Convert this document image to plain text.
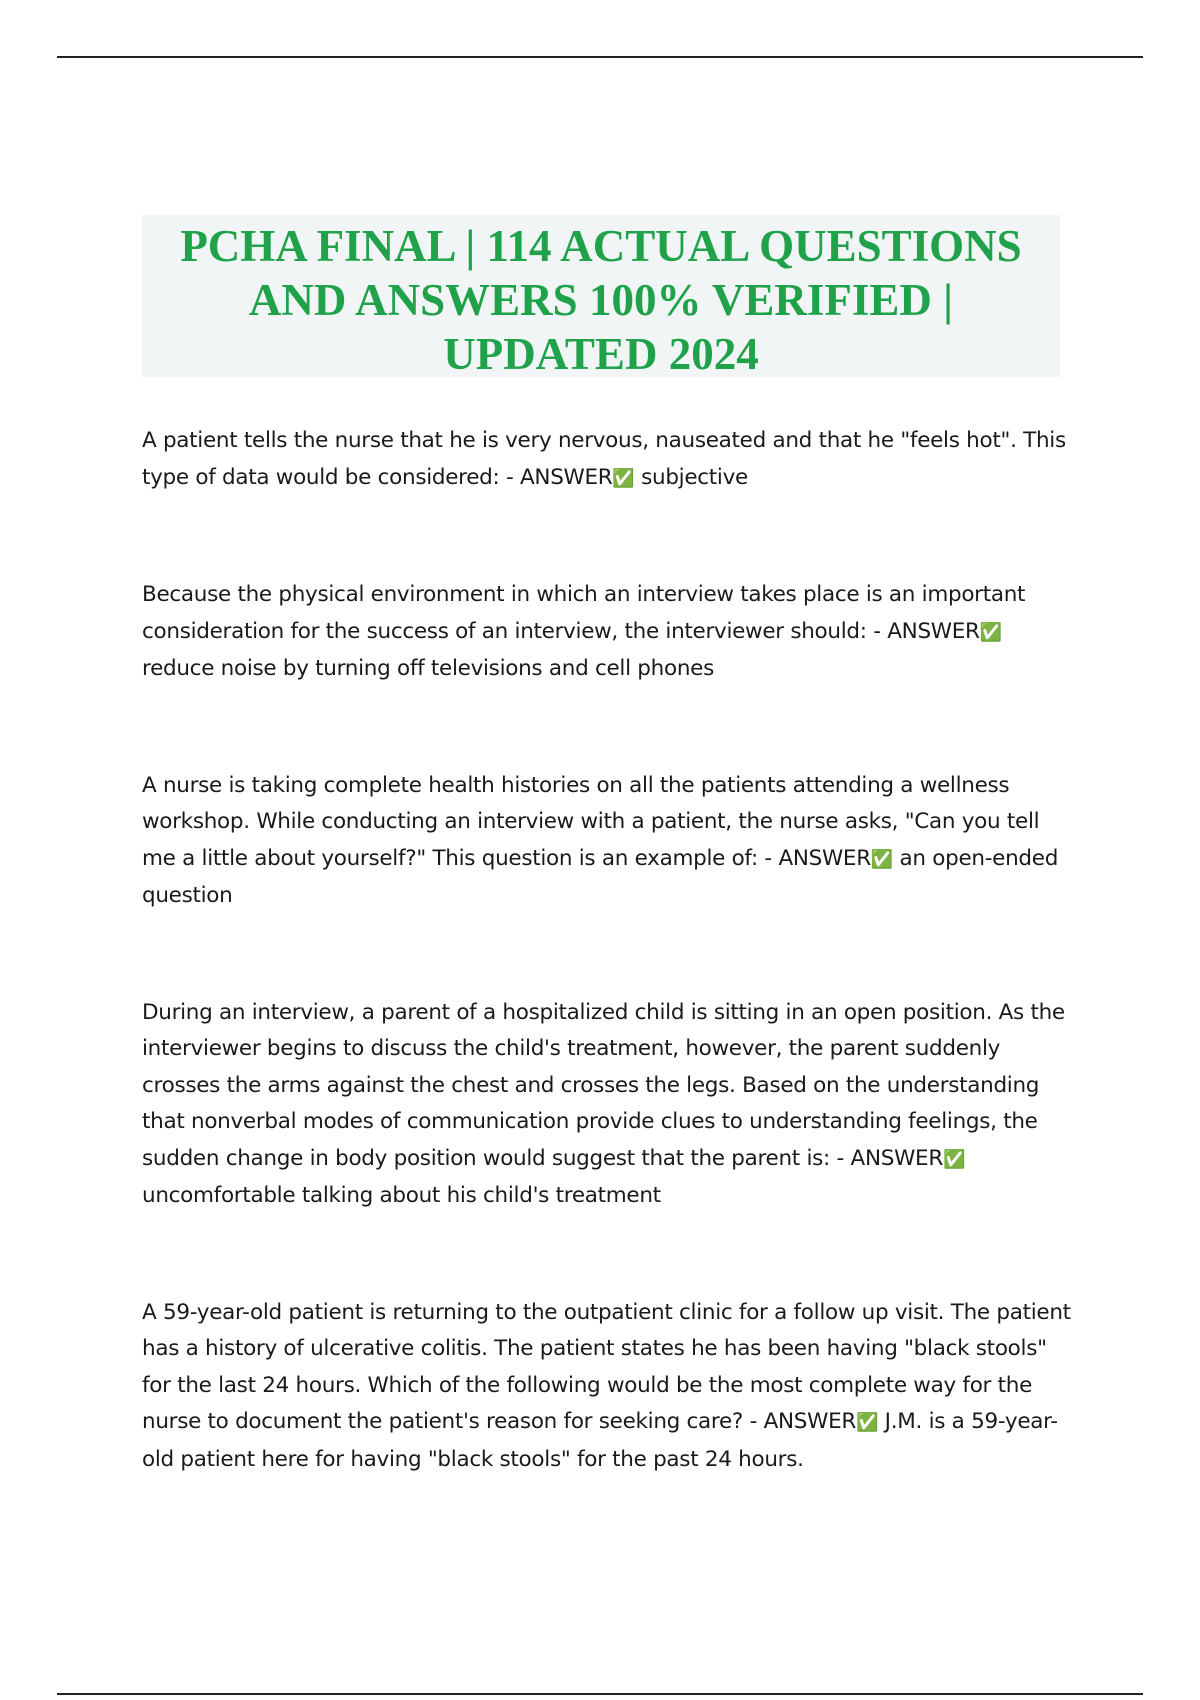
PCHA FINAL | 114 ACTUAL QUESTIONS AND ANSWERS 100% VERIFIED | UPDATED 2024

A patient tells the nurse that he is very nervous, nauseated and that he "feels hot". This type of data would be considered: - ANSWER✅ subjective

Because the physical environment in which an interview takes place is an important consideration for the success of an interview, the interviewer should: - ANSWER✅ reduce noise by turning off televisions and cell phones

A nurse is taking complete health histories on all the patients attending a wellness workshop. While conducting an interview with a patient, the nurse asks, "Can you tell me a little about yourself?" This question is an example of: - ANSWER✅ an open-ended question

During an interview, a parent of a hospitalized child is sitting in an open position. As the interviewer begins to discuss the child's treatment, however, the parent suddenly crosses the arms against the chest and crosses the legs. Based on the understanding that nonverbal modes of communication provide clues to understanding feelings, the sudden change in body position would suggest that the parent is: - ANSWER✅ uncomfortable talking about his child's treatment

A 59-year-old patient is returning to the outpatient clinic for a follow up visit. The patient has a history of ulcerative colitis. The patient states he has been having "black stools" for the last 24 hours. Which of the following would be the most complete way for the nurse to document the patient's reason for seeking care? - ANSWER✅ J.M. is a 59-year-old patient here for having "black stools" for the past 24 hours.
